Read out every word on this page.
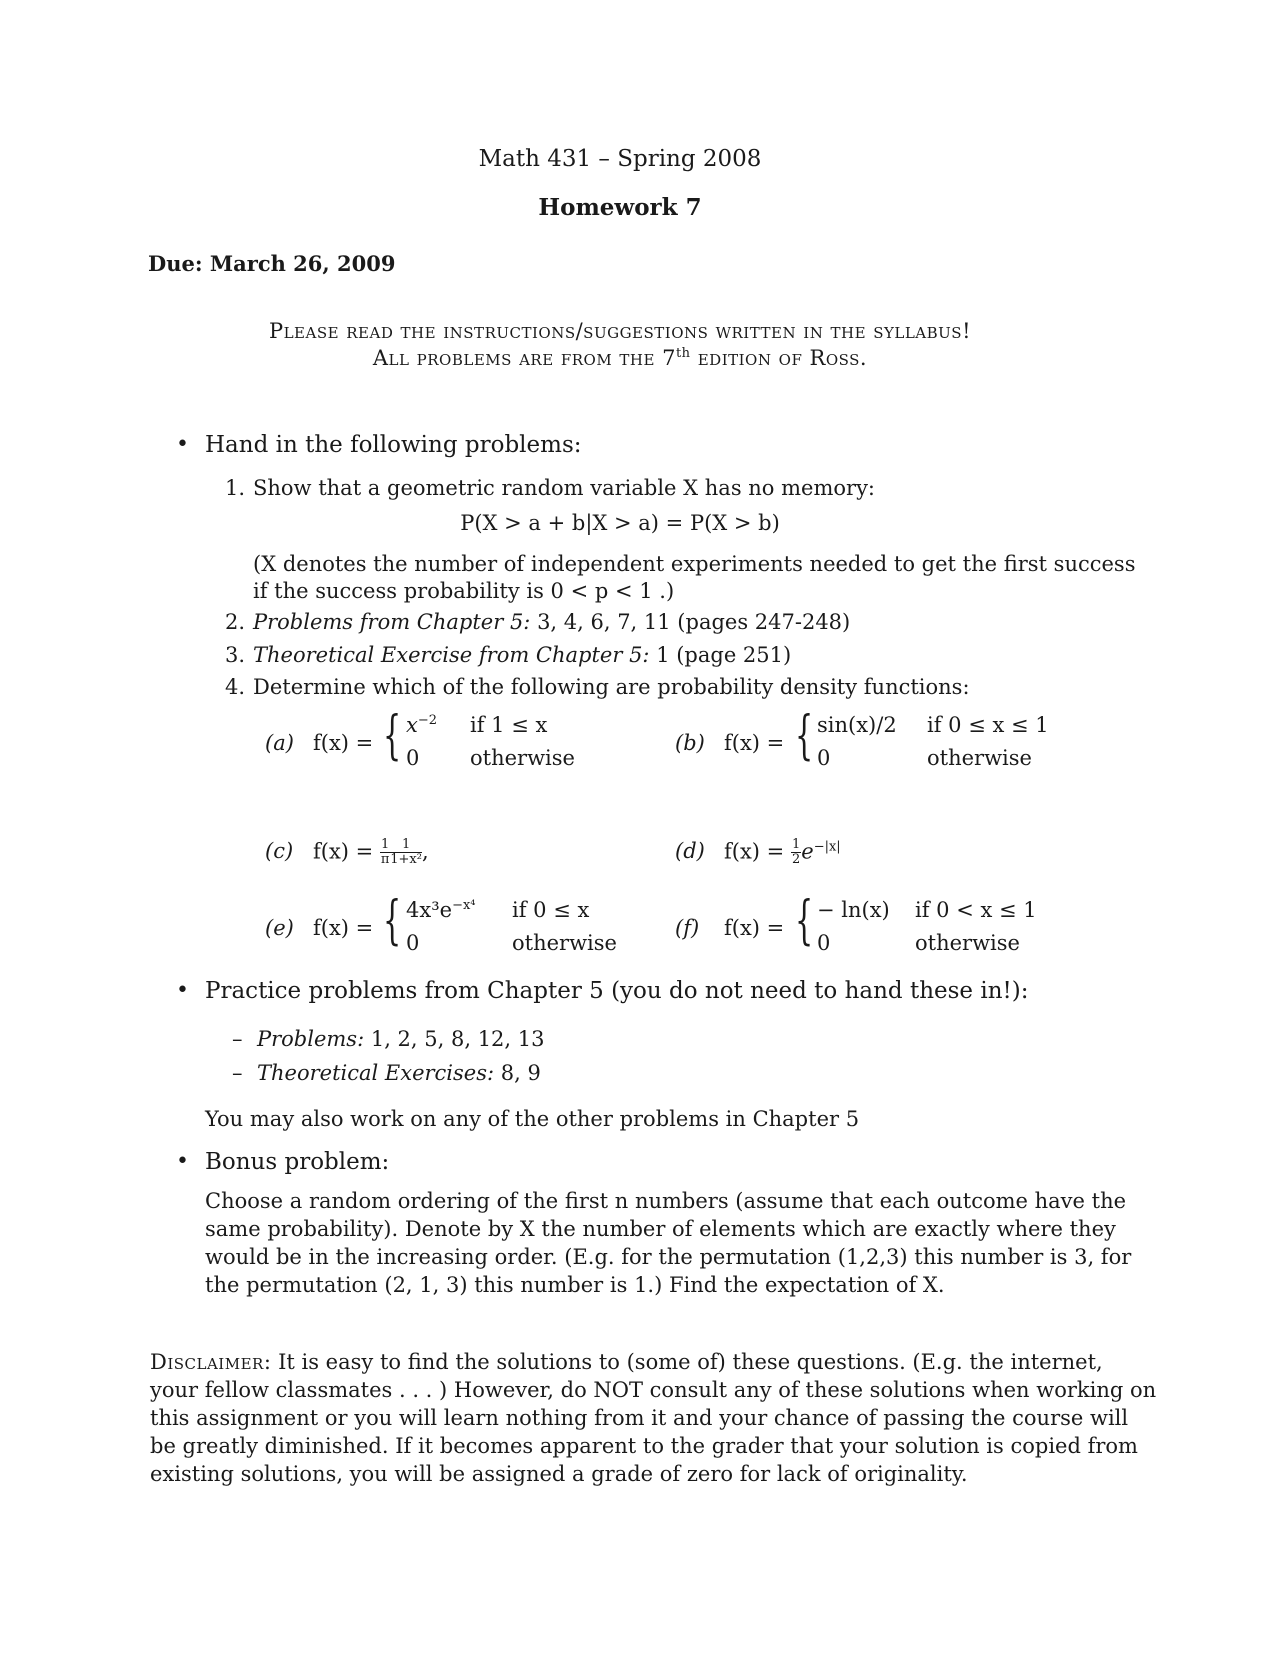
Math 431 – Spring 2008
Homework 7
Due: March 26, 2009
Please read the instructions/suggestions written in the syllabus!
All problems are from the 7th edition of Ross.
• Hand in the following problems:
1. Show that a geometric random variable X has no memory:
P(X > a + b|X > a) = P(X > b)
(X denotes the number of independent experiments needed to get the first success
if the success probability is 0 < p < 1 .)
2. Problems from Chapter 5: 3, 4, 6, 7, 11 (pages 247-248)
3. Theoretical Exercise from Chapter 5: 1 (page 251)
4. Determine which of the following are probability density functions:
(a) f(x) = { $x^{-2}$ if 1 ≤ x
0 otherwise
(b) f(x) = { sin(x)/2 if 0 ≤ x ≤ 1
0	otherwise
(c) $f(x) = \frac{1}{\pi} \frac{1}{\text{1+x²}}$ ,	(d) $f(x) = \frac{1}{2} e^{-|x|}$
(e) f(x) = { $4x^3e^{-x^4}$ if 0 ≤ x
0	otherwise
(f) f(x) = { − ln(x) if 0 < x ≤ 1
0	otherwise
• Practice problems from Chapter 5 (you do not need to hand these in!):
– Problems: 1, 2, 5, 8, 12, 13
– Theoretical Exercises: 8, 9
You may also work on any of the other problems in Chapter 5
• Bonus problem:
Choose a random ordering of the first n numbers (assume that each outcome have the
same probability). Denote by X the number of elements which are exactly where they
would be in the increasing order. (E.g. for the permutation (1,2,3) this number is 3, for
the permutation (2, 1, 3) this number is 1.) Find the expectation of X.
Disclaimer: It is easy to find the solutions to (some of) these questions. (E.g. the internet,
your fellow classmates . . . ) However, do NOT consult any of these solutions when working on
this assignment or you will learn nothing from it and your chance of passing the course will
be greatly diminished. If it becomes apparent to the grader that your solution is copied from
existing solutions, you will be assigned a grade of zero for lack of originality.
